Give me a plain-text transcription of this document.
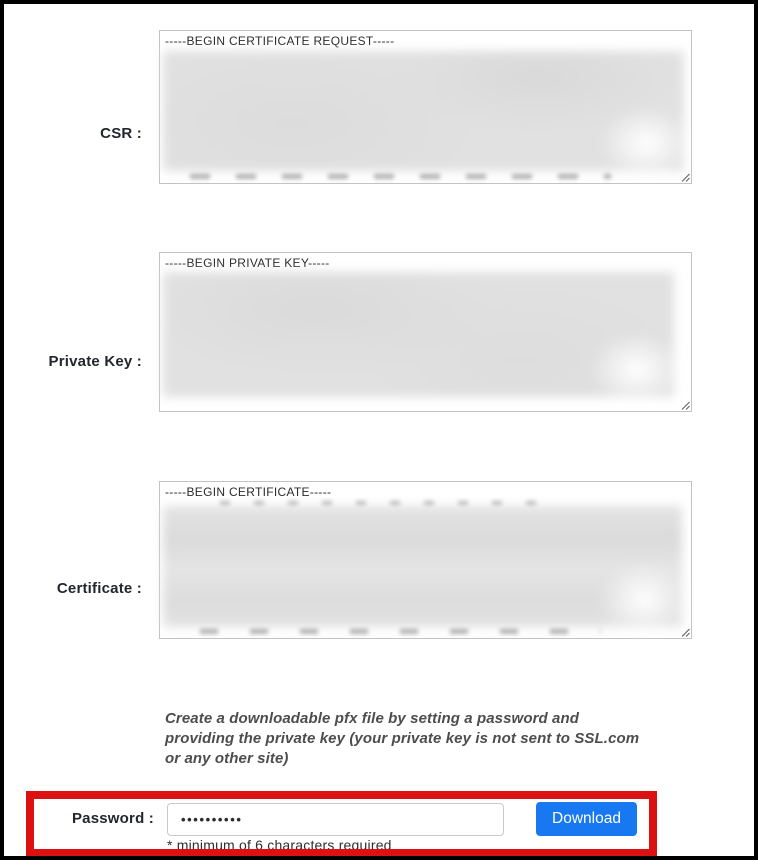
CSR :
-----BEGIN CERTIFICATE REQUEST-----
Private Key :
-----BEGIN PRIVATE KEY-----
Certificate :
-----BEGIN CERTIFICATE-----
Create a downloadable pfx file by setting a password and
providing the private key (your private key is not sent to SSL.com
or any other site)
Password : ••••••••••	Download
* minimum of 6 characters required
